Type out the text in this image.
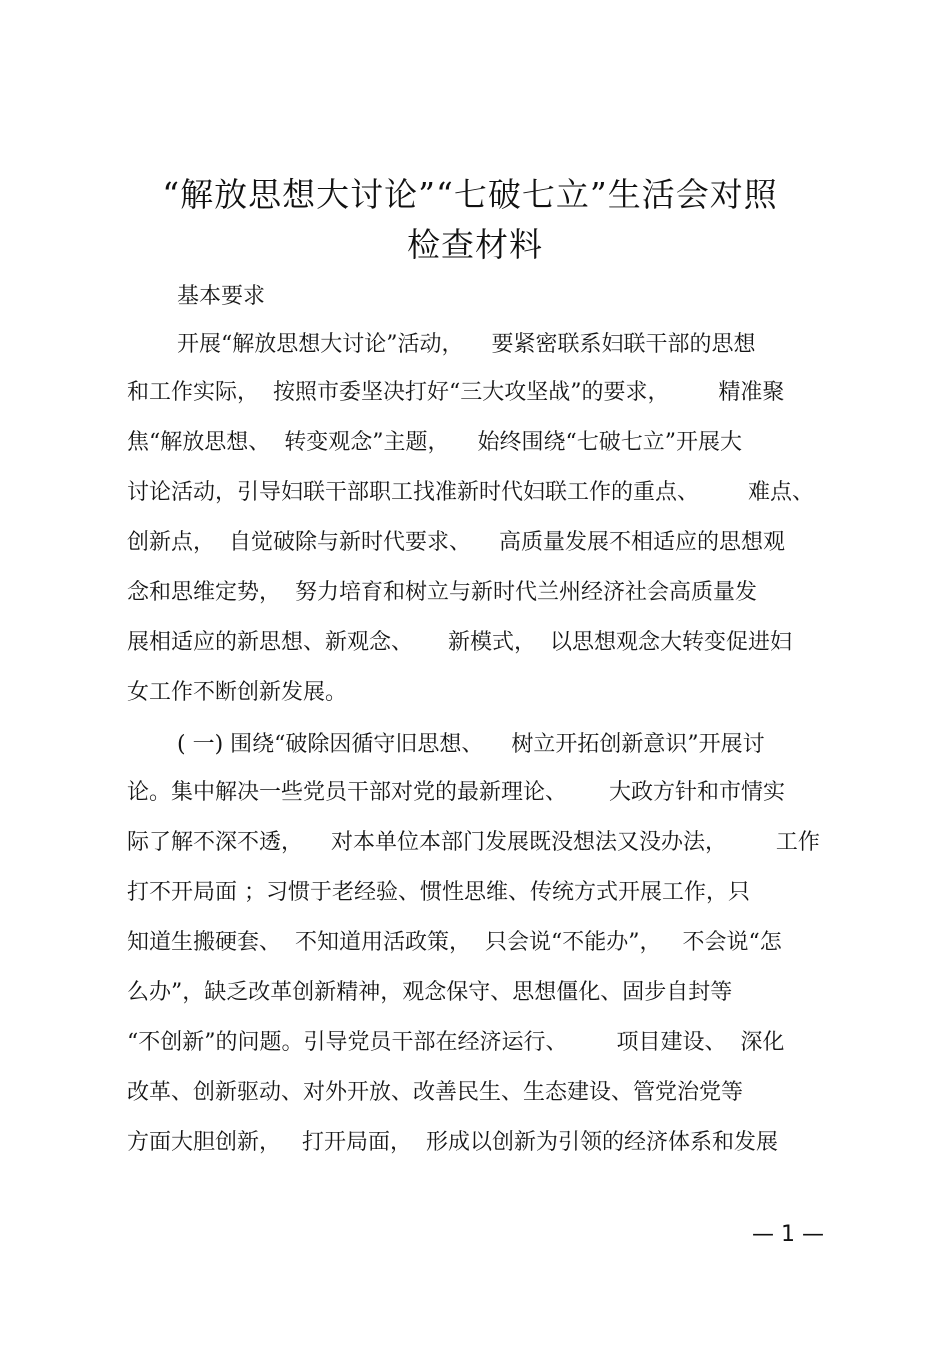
“解放思想大讨论”“七破七立”生活会对照
检查材料
基本要求
开展“解放思想大讨论”活动，    要紧密联系妇联干部的思想
和工作实际，  按照市委坚决打好“三大攻坚战”的要求，       精准聚
焦“解放思想、  转变观念”主题，    始终围绕“七破七立”开展大
讨论活动，引导妇联干部职工找准新时代妇联工作的重点、       难点、
创新点，  自觉破除与新时代要求、    高质量发展不相适应的思想观
念和思维定势，  努力培育和树立与新时代兰州经济社会高质量发
展相适应的新思想、新观念、     新模式，  以思想观念大转变促进妇
女工作不断创新发展。
( 一) 围绕“破除因循守旧思想、    树立开拓创新意识”开展讨
论。集中解决一些党员干部对党的最新理论、      大政方针和市情实
际了解不深不透，    对本单位本部门发展既没想法又没办法，       工作
打不开局面 ；习惯于老经验、惯性思维、传统方式开展工作，只
知道生搬硬套、  不知道用活政策，  只会说“不能办”，   不会说“怎
么办”，缺乏改革创新精神，观念保守、思想僵化、固步自封等
“不创新”的问题。引导党员干部在经济运行、       项目建设、  深化
改革、创新驱动、对外开放、改善民生、生态建设、管党治党等
方面大胆创新，   打开局面，  形成以创新为引领的经济体系和发展
— 1 —
